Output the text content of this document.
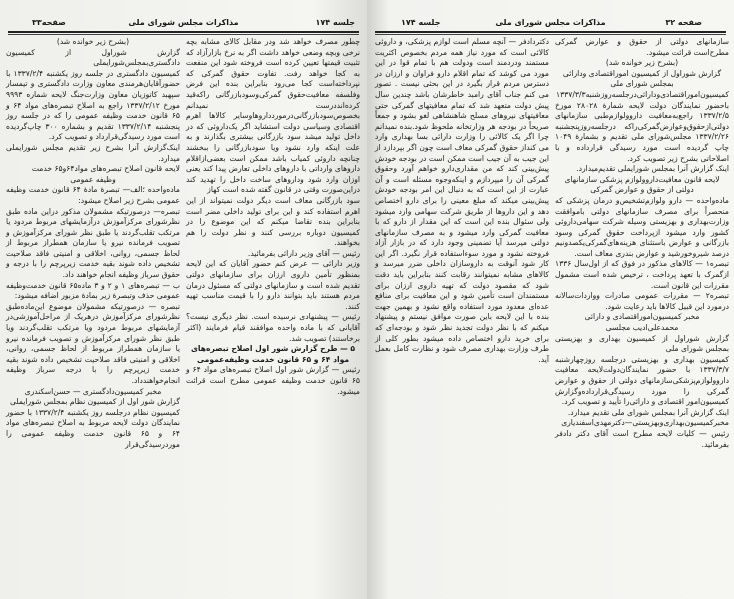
جلسه ۱۷۴
مذاکرات مجلس شورای ملی
صفحه۳۳

چطور مصرف خواهد شد ودر مقابل کالای مشابه بچه نرخی وبچه وضعی خواهد داشت اگر به نرخ بازارآزاد که تثبیت قیمتها تعیین کرده است فروخته شود این منفعت به کجا خواهد رفت. تفاوت حقوق گمرکی که نپرداخته‌است کجا می‌رود بنابراین بنده این فرض وفلسفه معافیت‌حقوق گمرکی‌وسودبازرگانی راکه‌قید کرده‌اند‌درست نمیدانم بخصوص‌سود‌بازرگانی‌درمورد‌داروها‌وسایر کالاها اهرم اقتصادی وسیاسی دولت استشاید اگر یک‌داروئی که در داخل تولید میشد سود بازرگانی بیشتری بگذارند و به علت اینکه وارد نشود ویا سودبازرگانی را ببخشند چنانچه داروئی کمیاب باشد ممکن است بعضی‌ازاقلام داروهای وارداتی با داروهای داخلی تعارض پیدا کند یعنی اوزان وارد شود وداروهای ساخت داخل را تهدید کند دراین‌صورت وقتی در قانون گفته شده است کهاز

سود بازرگانی معاف است دیگر دولت نمیتواند از این اهرم استفاده کند و این برای تولید داخلی مضر است بنابراین بنده تقاضا میکنم که این موضوع را در کمیسیون دوباره بررسی کنند و نظر دولت را هم بخواهند.

رئیس — آقای وزیر دارائی بفرمائید.

وزیر دارائی — عرض کنم حضور آقایان که این لایحه بمنظور تأمین داروی ارزان برای سازمانهای دولتی تقدیم شده است و سازمانهای دولتی که مسئول درمان مردم هستند باید بتوانند دارو را با قیمت مناسب تهیه کنند.

رئیس — پیشنهادی نرسیده است. نظر دیگری نیست؟ آقایانی که با ماده واحده موافقند قیام فرمایند (اکثر برخاستند) تصویب شد.

۵ — طرح گزارش شور اول اصلاح تبصره‌های مواد ۶۴ و ۶۵ قانون خدمت وظیفه‌عمومی

رئیس — گزارش شور اول اصلاح تبصره‌های مواد ۶۴ و ۶۵ قانون خدمت وظیفه عمومی مطرح است قرائت میشود.

(بشرح زیر خوانده شد)

گزارش شوراول از کمیسیون دادگستری‌بمجلس‌شورایملی

کمیسیون دادگستری در جلسه روز یکشنبه ۱۳۳۷/۲/۴ با حضورآقایان‌هرمندی معاون وزارت دادگستری و تیمسار سپهبد کاتوزیان معاون وزارت‌جنگ لایحه شماره ۹۹۹۳ مورخ ۱۳۳۷/۲/۱۲ راجع به اصلاح تبصره‌های مواد ۶۴ و ۶۵ قانون خدمت وظیفه عمومی را که در جلسه روز پنجشنبه ۱۳۳۷/۲/۱۴ تقدیم و بشماره ۳۰۰ چاپ‌گردیده است مورد رسیدگی‌قرارداد و تصویب کرد.

اینک‌گزارش آنرا بشرح زیر تقدیم مجلس شورایملی میدارد.

لایحه قانون اصلاح تبصره‌های مواد۶۴و۶۵ خدمت

وظیفه عمومی

ماده‌واحده ؛الف— تبصرهٔ مادهٔ ۶۴ قانون خدمت وظیفه عمومی بشرح زیر اصلاح میشود:

تبصره— درصورتیکه مشمولان مذکور دراین ماده طبق نظرشورای مرکزآموزش درآزمایشهای مربوط مردود یا مرتکب تقلب‌گردند یا طبق نظر شورای مرکزآموزش و تصویب فرمانده نیرو یا سازمان همطراز مربوط از لحاظ جسمی، روانی، اخلاقی و امنیتی فاقد صلاحیت تشخیص داده شوند بقیه خدمت زیرپرچم را با درجه و حقوق سرباز وظیفه انجام خواهند داد.

ب — تبصره‌های ۱ و ۲ و ۳ ماده۶۵ قانون خدمت‌وظیفه عمومی حذف وتبصرهٔ زیر بمادهٔ مزبور اضافه میشود:

تبصره — درصورتیکه مشمولان موضوع این‌ماده‌طبق نظرشورای مرکزآموزش درهریک از مراحل‌آموزشی‌در آزمایشهای مربوط مردود ویا مرتکب تقلب‌گردند ویا طبق نظر شورای مرکزآموزش و تصویب فرمانده نیرو یا سازمان همطراز مربوط از لحاظ جسمی، روانی، اخلاقی و امنیتی فاقد صلاحیت تشخیص داده شوند بقیه خدمت زیرپرچم را با درجه سرباز وظیفه انجام‌خواهند‌داد.

مخبر کمیسیون‌دادگستری — حسن‌اسکندری

گزارش شور اول از کمیسیون نظام بمجلس شورایملی

کمیسیون نظام درجلسه روز یکشنبه ۱۳۳۷/۲/۴ با حضور نمایندگان دولت لایحه مربوط به اصلاح تبصره‌های مواد ۶۴ و ۶۵ قانون خدمت وظیفه عمومی را مورد‌رسیدگی‌قرار

صفحه ۳۲
مذاکرات مجلس شورای ملی
جلسه ۱۷۴

سازمانهای دولتی از حقوق و عوارض گمرکی مطرح‌است قرائت میشود.

(بشرح زیر خوانده شد)

گزارش شوراول از کمیسیون اموراقتصادی ودارائی بمجلس شورای ملی

کمیسیون‌اموراقتصادی‌ودارائی‌درجلسه‌روزشنبه۱۳۳۷/۳/۳ باحضور نمایندگان دولت لایحه شمارهٔ ۲۸۰۲۸ مورخ ۱۳۳۷/۲/۵ راجع‌به‌معافیت داروولوازم‌طبی سازمانهای دولتی‌ازحقوق‌وعوارض‌گمرکی‌راکه درجلسه‌روزپنجشنبه ۱۳۳۷/۲/۲۶ مجلس‌شورای ملی تقدیم و بشمارهٔ ۱۰۴۹ چاپ گردیده است مورد رسیدگی قرارداده و با اصلاحاتی بشرح زیر تصویب کرد.

اینک گزارش آنرا بمجلس شورایملی تقدیم‌میدارد.

لایحه قانون معافیت‌داروولوازم پزشکی سازمانهای دولتی از حقوق و عوارض گمرکی

ماده‌واحده — دارو ولوازم‌تشخیص‌و درمان پزشکی که منحصراً برای مصرف سازمانهای دولتی باموافقت وزارت‌بهداری و بهزیستی وسیله شرکت سهامی‌داروئی کشور وارد میشود ازپرداخت حقوق گمرکی وسود بازرگانی و عوارض باستثنای هزینه‌های‌گمرکی‌یکصدونیم درصد شیروخورشید و عوارض بندری معاف است.

تبصره۱ — کالاهای مذکور در فوق که از اول‌سال ۱۳۳۶ ازگمرک با تعهد پرداخت ، ترخیص شده است مشمول مقررات این قانون است.

تبصره۲ — مقررات عمومی صادرات وواردات‌سالانه درمورد این قبیل کالاها باید رعایت شود.

مخبر کمیسیون‌اموراقتصادی و دارائی

محمدعلی‌ادیب مجلسی

گزارش شوراول از کمیسیون بهداری و بهزیستی بمجلس شورای ملی

کمیسیون بهداری و بهزیستی درجلسه روزچهارشنبه ۱۳۳۷/۳/۷ با حضور نمایندگان‌دولت‌لایحه معافیت داروولوازم‌پزشکی‌سازمانهای دولتی از حقوق و عوارض گمرکی را مورد رسیدگی‌قرارداده‌وگزارش کمیسیون‌امور اقتصادی و دارائی‌را تأیید و تصویب کرد.

اینک گزارش آنرا بمجلس شورای ملی تقدیم میدارد.

مخبرکمیسیون‌بهداری‌وبهزیستی—دکترمهدی‌اسفندیاری

رئیس — کلیات لایحه مطرح است آقای دکتر دادفر بفرمائید.

دکتردادفر — آنچه مسلم است لوازم پزشکی، و داروئی کالائی است که مورد نیاز همه مردم بخصوص اکثریت مستمند ودردمند است ودولت هم با تمام قوا در این مورد می کوشد که تمام اقلام دارو فراوان و ارزان در دسترس مردم قرار بگیرد در این بحثی نیست . تصور می کنم جناب آقای رامبد خاطرشان باشد چندین سال پیش دولت متعهد شد که تمام معافیتهای گمرکی حتی معافیتهای نیروهای مسلح شاهنشاهی لغو بشود و جمعاً صریحاً در بودجه هر وزارتخانه ملحوظ شود.بنده نمیدانم چرا اگر یک کالائی را وزارت دارائی بسا بهداری وارد می کنداز حقوق گمرکی معاف است چون اگر بپردازد از این جیب به آن جیب است ممکن است در بودجه خودش پیش‌بینی کند که من مقداری‌دارو خواهم آورد وحقوق گمرکی آن را میپردازم و اینکه‌وجوه مسئله است و آن عبارت از این است که به دنبال این امر بودجه خودش پیش‌بینی میکند که مبلغ معینی را برای دارو اختصاص دهد و این داروها از طریق شرکت سهامی وارد میشود ولی سئوال بنده این است که این مقدار از دارو که با معافیت گمرکی وارد میشود و به مصرف سازمانهای دولتی میرسد آیا تضمینی وجود دارد که در بازار آزاد فروخته نشود و مورد سوءاستفاده قرار نگیرد. اگر این کار شود آنوقت به داروسازان داخلی ضرر میرسد و کالاهای مشابه نمیتوانند رقابت کنند بنابراین باید دقت شود که مقصود دولت که تهیه داروی ارزان برای مستمندان است تأمین شود و این معافیت برای منافع عده‌ای معدود مورد استفاده واقع نشود و بهمین جهت بنده با این لایحه باین صورت موافق نیستم و پیشنهاد میکنم که با نظر دولت تجدید نظر شود و بودجه‌ای که برای خرید دارو اختصاص داده میشود بطور کلی از طرف وزارت بهداری مصرف شود و نظارت کامل بعمل آید.
